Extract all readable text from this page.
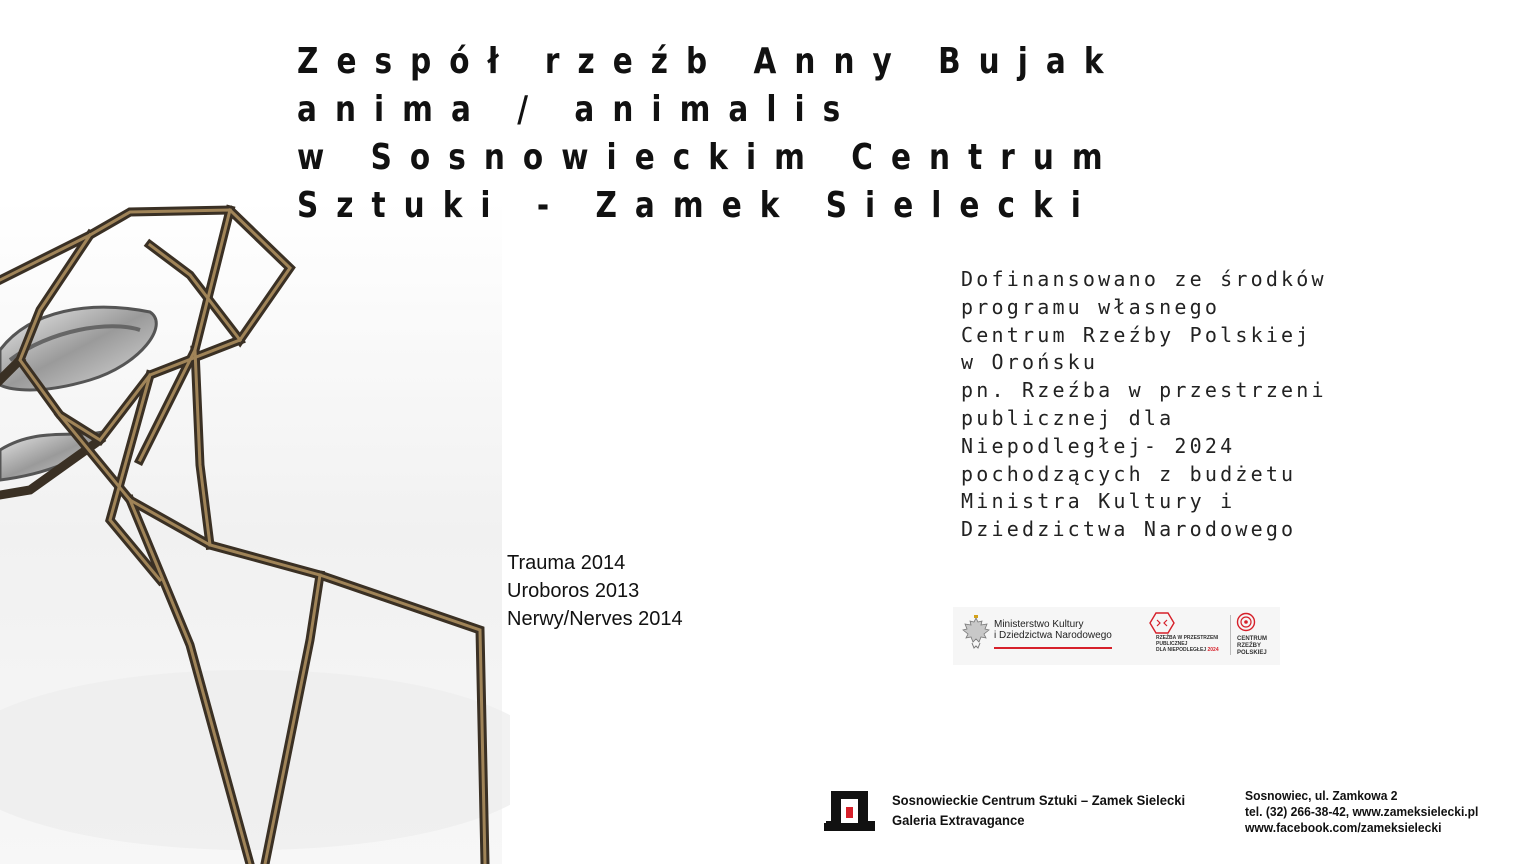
Zespół rzeźb Anny Bujak
anima / animalis
w Sosnowieckim Centrum
Sztuki - Zamek Sielecki
Dofinansowano ze środków
programu własnego
Centrum Rzeźby Polskiej
w Orońsku
pn. Rzeźba w przestrzeni
publicznej dla
Niepodległej- 2024
pochodzących z budżetu
Ministra Kultury i
Dziedzictwa Narodowego
Trauma 2014
Uroboros 2013
Nerwy/Nerves 2014	Ministerstwo Kultury
i Dziedzictwa Narodowego	RZEŹBA W PRZESTRZENI
PUBLICZNEJ
DLA NIEPODLEGŁEJ 2024
CENTRUM
RZEŹBY
POLSKIEJ
Sosnowieckie Centrum Sztuki – Zamek Sielecki
Galeria Extravagance
Sosnowiec, ul. Zamkowa 2
tel. (32) 266-38-42, www.zameksielecki.pl
www.facebook.com/zameksielecki
